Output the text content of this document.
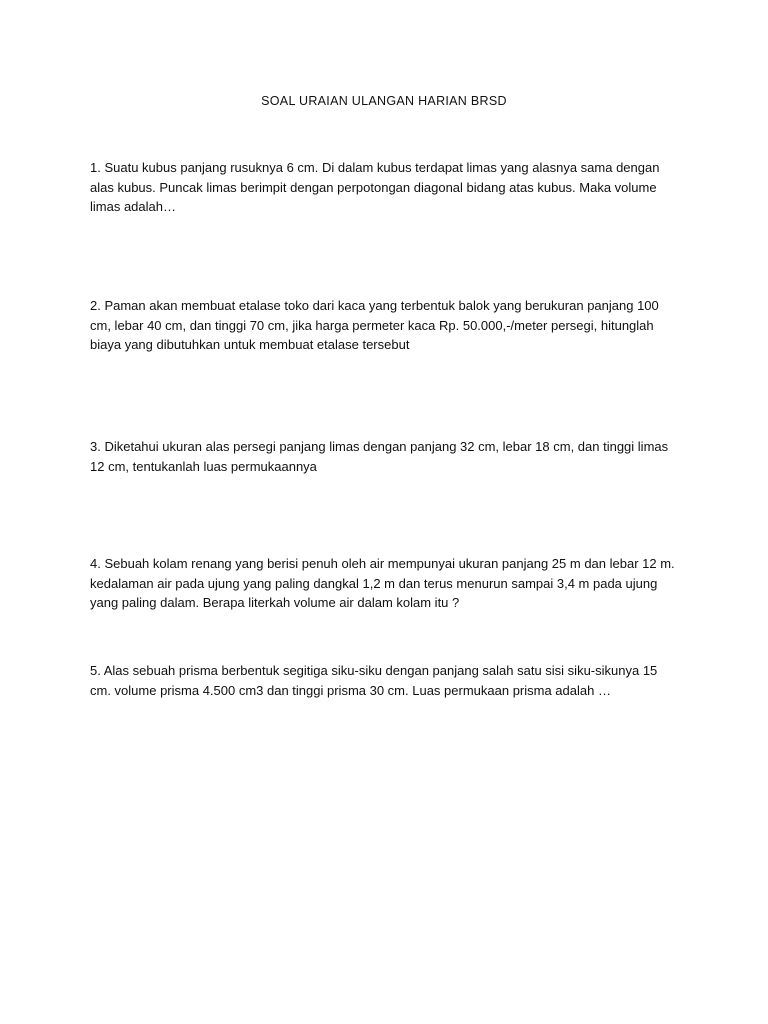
SOAL URAIAN ULANGAN HARIAN BRSD

1. Suatu kubus panjang rusuknya 6 cm. Di dalam kubus terdapat limas yang alasnya sama dengan alas kubus. Puncak limas berimpit dengan perpotongan diagonal bidang atas kubus. Maka volume limas adalah…

2. Paman akan membuat etalase toko dari kaca yang terbentuk balok yang berukuran panjang 100 cm, lebar 40 cm, dan tinggi 70 cm, jika harga permeter kaca Rp. 50.000,-/meter persegi, hitunglah biaya yang dibutuhkan untuk membuat etalase tersebut

3. Diketahui ukuran alas persegi panjang limas dengan panjang 32 cm, lebar 18 cm, dan tinggi limas 12 cm, tentukanlah luas permukaannya

4. Sebuah kolam renang yang berisi penuh oleh air mempunyai ukuran panjang 25 m dan lebar 12 m. kedalaman air pada ujung yang paling dangkal 1,2 m dan terus menurun sampai 3,4 m pada ujung yang paling dalam. Berapa literkah volume air dalam kolam itu ?

5. Alas sebuah prisma berbentuk segitiga siku-siku dengan panjang salah satu sisi siku-sikunya 15 cm. volume prisma 4.500 cm3 dan tinggi prisma 30 cm. Luas permukaan prisma adalah …
